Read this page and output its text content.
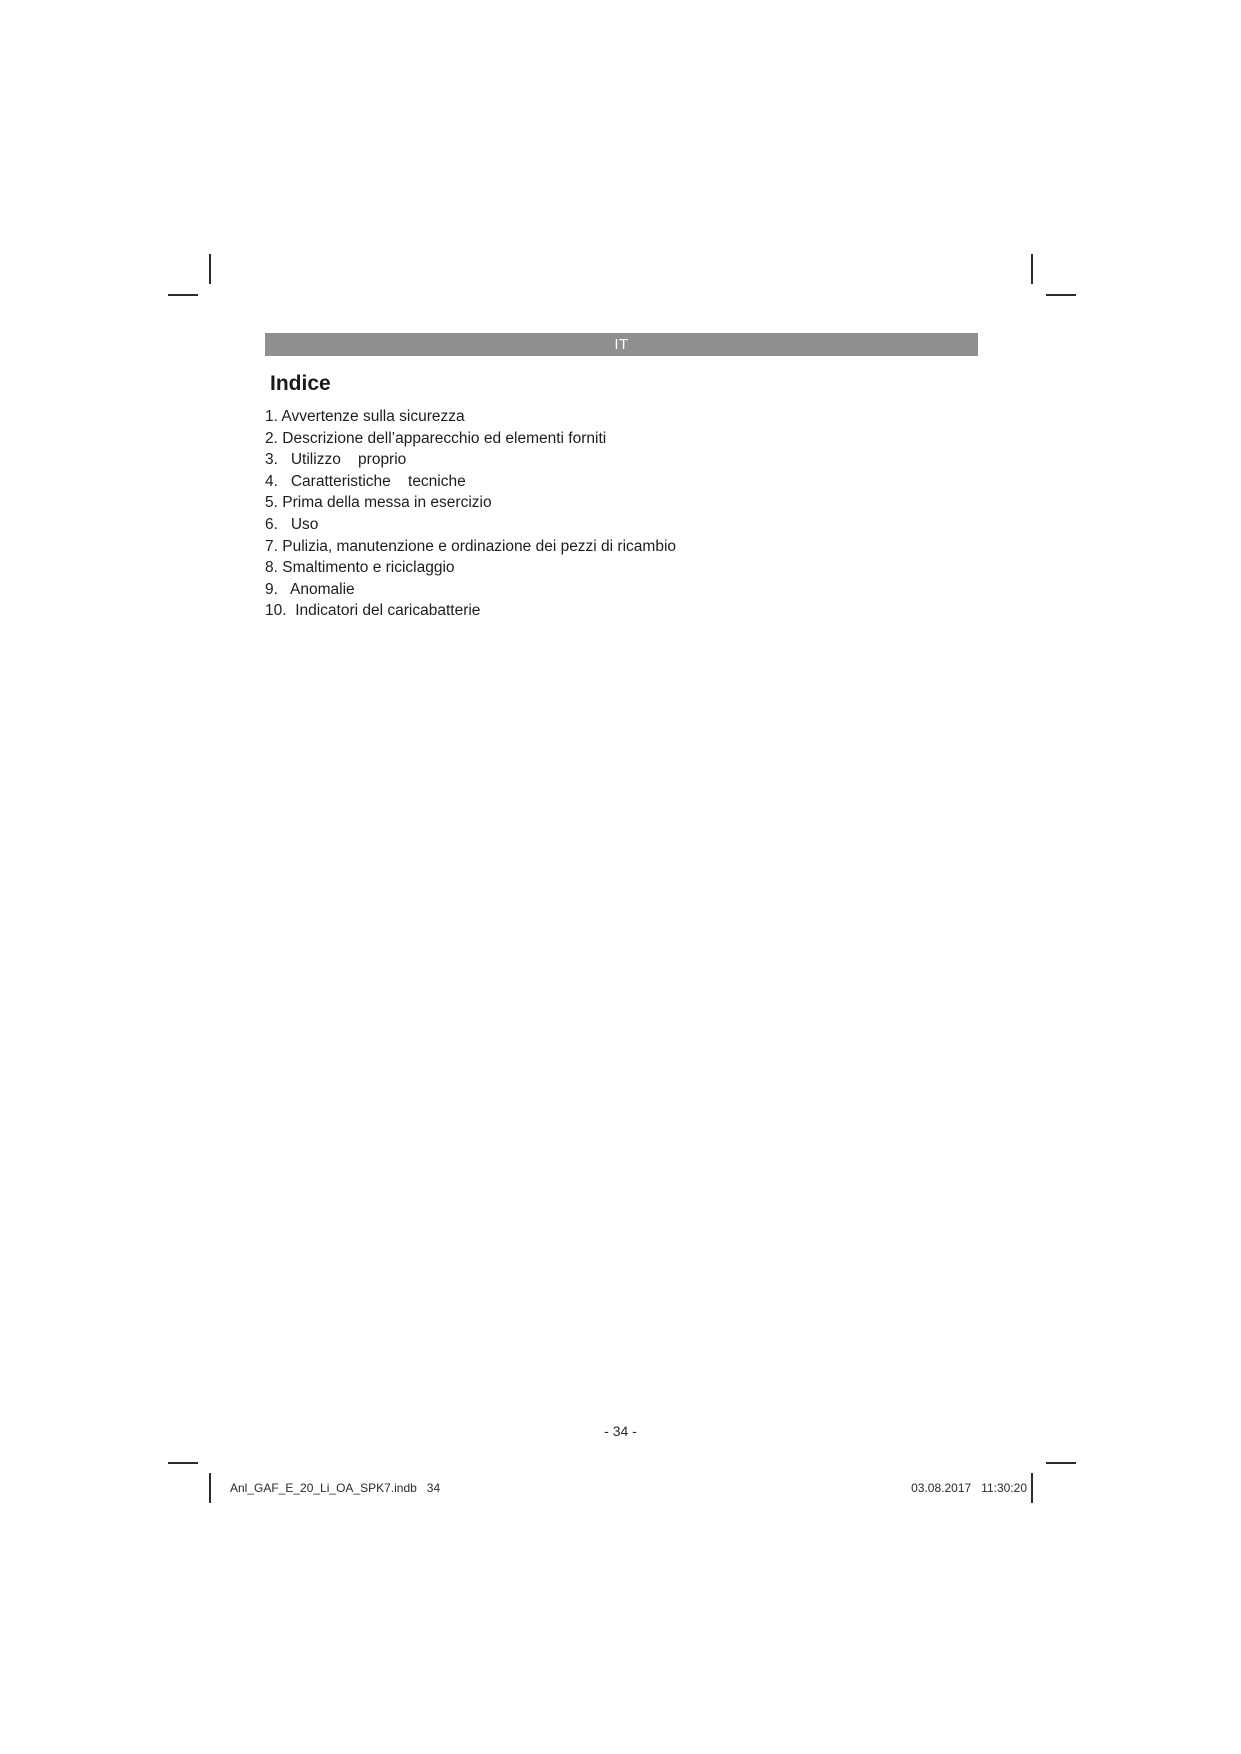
IT
Indice
1. Avvertenze sulla sicurezza
2. Descrizione dell’apparecchio ed elementi forniti
3. Utilizzo    proprio
4. Caratteristiche    tecniche
5. Prima della messa in esercizio
6. Uso
7. Pulizia, manutenzione e ordinazione dei pezzi di ricambio
8. Smaltimento e riciclaggio
9. Anomalie
10. Indicatori del caricabatterie
- 34 -
Anl_GAF_E_20_Li_OA_SPK7.indb   34	03.08.2017   11:30:20
